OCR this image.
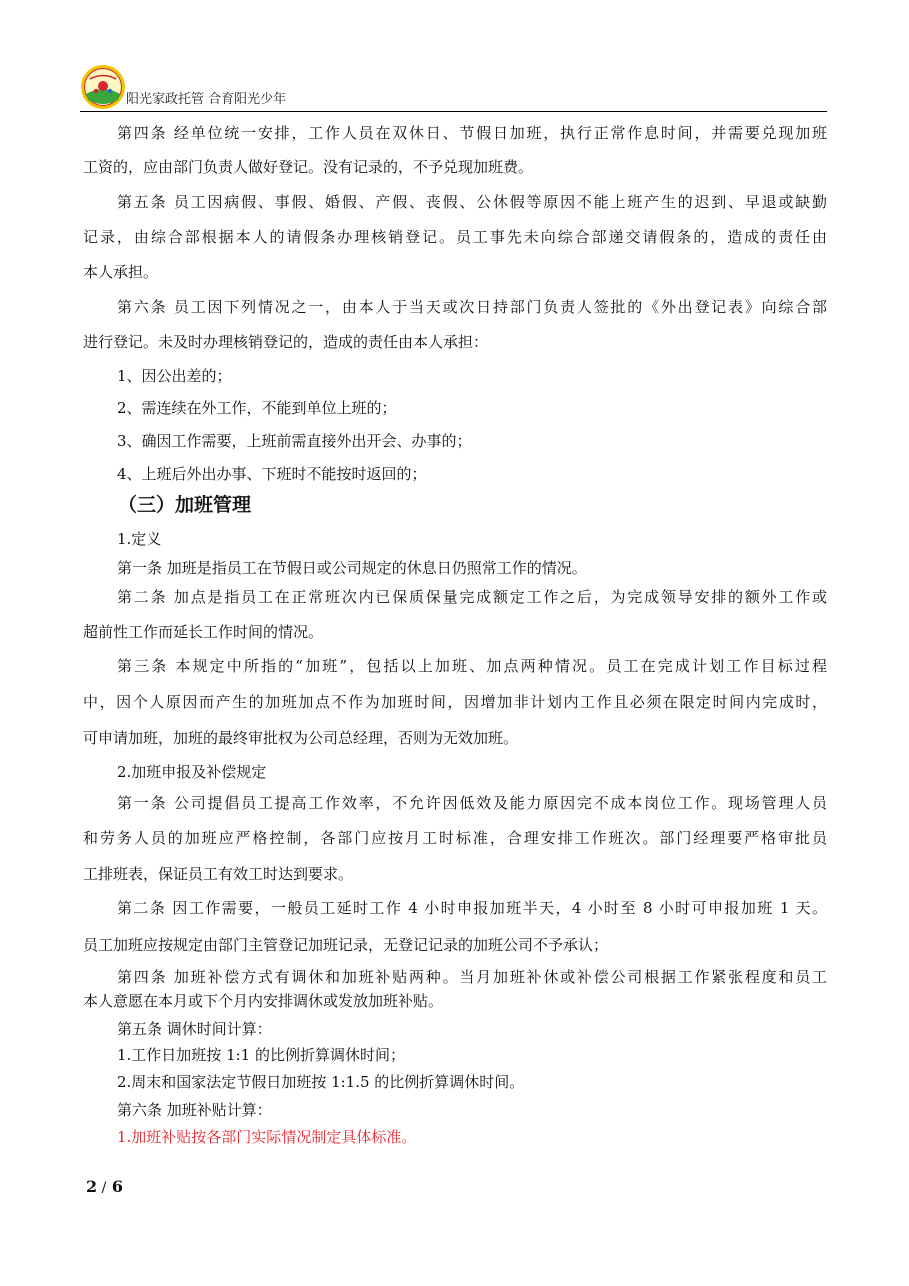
阳光家政托管 合育阳光少年
第四条 经单位统一安排，工作人员在双休日、节假日加班，执行正常作息时间，并需要兑现加班
工资的，应由部门负责人做好登记。没有记录的，不予兑现加班费。
第五条 员工因病假、事假、婚假、产假、丧假、公休假等原因不能上班产生的迟到、早退或缺勤
记录，由综合部根据本人的请假条办理核销登记。员工事先未向综合部递交请假条的，造成的责任由
本人承担。
第六条 员工因下列情况之一，由本人于当天或次日持部门负责人签批的《外出登记表》向综合部
进行登记。未及时办理核销登记的，造成的责任由本人承担：
1、因公出差的；
2、需连续在外工作，不能到单位上班的；
3、确因工作需要，上班前需直接外出开会、办事的；
4、上班后外出办事、下班时不能按时返回的；
（三）加班管理
1.定义
第一条 加班是指员工在节假日或公司规定的休息日仍照常工作的情况。
第二条 加点是指员工在正常班次内已保质保量完成额定工作之后，为完成领导安排的额外工作或
超前性工作而延长工作时间的情况。
第三条 本规定中所指的“加班”，包括以上加班、加点两种情况。员工在完成计划工作目标过程
中，因个人原因而产生的加班加点不作为加班时间，因增加非计划内工作且必须在限定时间内完成时，
可申请加班，加班的最终审批权为公司总经理，否则为无效加班。
2.加班申报及补偿规定
第一条 公司提倡员工提高工作效率，不允许因低效及能力原因完不成本岗位工作。现场管理人员
和劳务人员的加班应严格控制，各部门应按月工时标准，合理安排工作班次。部门经理要严格审批员
工排班表，保证员工有效工时达到要求。
第二条 因工作需要，一般员工延时工作 4 小时申报加班半天，4 小时至 8 小时可申报加班 1 天。
员工加班应按规定由部门主管登记加班记录，无登记记录的加班公司不予承认；
第四条 加班补偿方式有调休和加班补贴两种。当月加班补休或补偿公司根据工作紧张程度和员工
本人意愿在本月或下个月内安排调休或发放加班补贴。
第五条 调休时间计算：
1.工作日加班按 1:1 的比例折算调休时间；
2.周末和国家法定节假日加班按 1:1.5 的比例折算调休时间。
第六条 加班补贴计算：
1.加班补贴按各部门实际情况制定具体标准。
2 / 6
